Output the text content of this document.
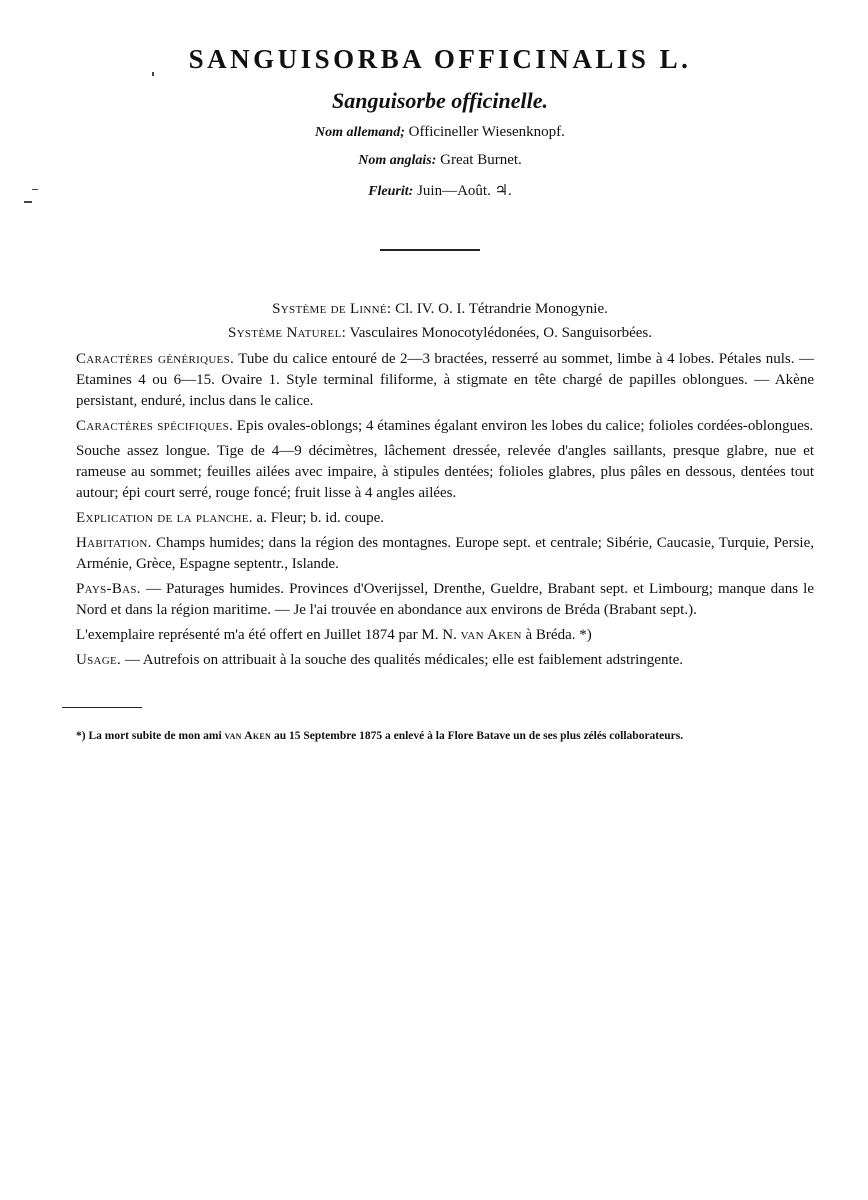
SANGUISORBA OFFICINALIS L.
Sanguisorbe officinelle.
Nom allemand; Officineller Wiesenknopf.
Nom anglais: Great Burnet.
Fleurit: Juin—Août. ♃.
Système de Linné: Cl. IV. O. I. Tétrandrie Monogynie.
Système Naturel: Vasculaires Monocotylédonées, O. Sanguisorbées.

Caractères génériques. Tube du calice entouré de 2—3 bractées, resserré au sommet, limbe à 4 lobes. Pétales nuls. — Etamines 4 ou 6—15. Ovaire 1. Style terminal filiforme, à stigmate en tête chargé de papilles oblongues. — Akène persistant, enduré, inclus dans le calice.

Caractères spécifiques. Epis ovales-oblongs; 4 étamines égalant environ les lobes du calice; folioles cordées-oblongues.

Souche assez longue. Tige de 4—9 décimètres, lâchement dressée, relevée d'angles saillants, presque glabre, nue et rameuse au sommet; feuilles ailées avec impaire, à stipules dentées; folioles glabres, plus pâles en dessous, dentées tout autour; épi court serré, rouge foncé; fruit lisse à 4 angles ailées.

Explication de la planche. a. Fleur; b. id. coupe.

Habitation. Champs humides; dans la région des montagnes. Europe sept. et centrale; Sibérie, Caucasie, Turquie, Persie, Arménie, Grèce, Espagne septentr., Islande.

Pays-Bas. — Paturages humides. Provinces d'Overijssel, Drenthe, Gueldre, Brabant sept. et Limbourg; manque dans le Nord et dans la région maritime. — Je l'ai trouvée en abondance aux environs de Bréda (Brabant sept.).

L'exemplaire représenté m'a été offert en Juillet 1874 par M. N. van Aken à Bréda. *)

Usage. — Autrefois on attribuait à la souche des qualités médicales; elle est faiblement adstringente.

*) La mort subite de mon ami van Aken au 15 Septembre 1875 a enlevé à la Flore Batave un de ses plus zélés collaborateurs.
